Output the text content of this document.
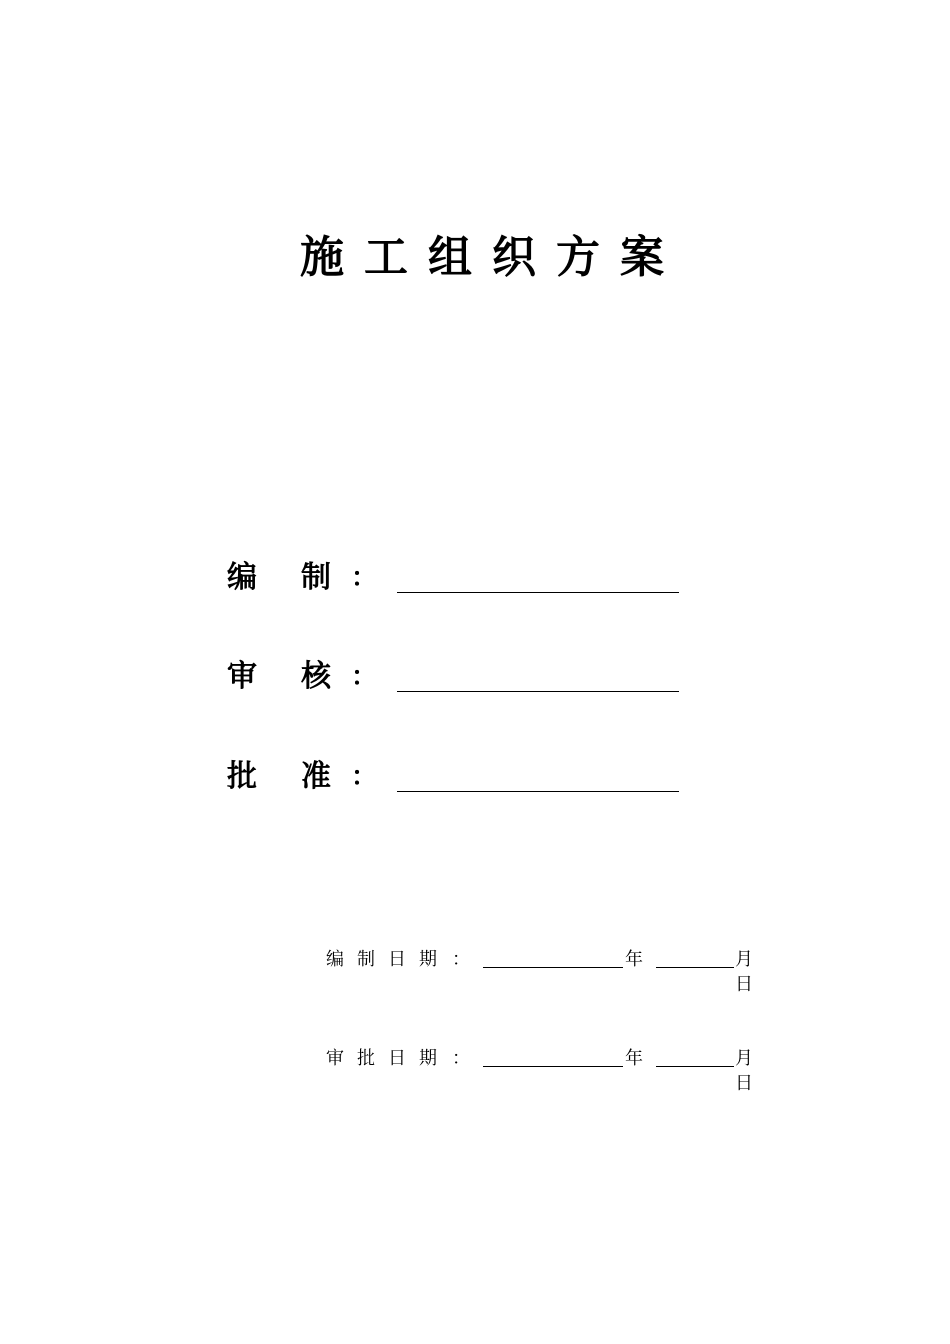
施工组织方案
编 制 ：
审 核 ：
批 准 ：
编制日期 ：	年	月
日
审批日期 ：	年	月
日
